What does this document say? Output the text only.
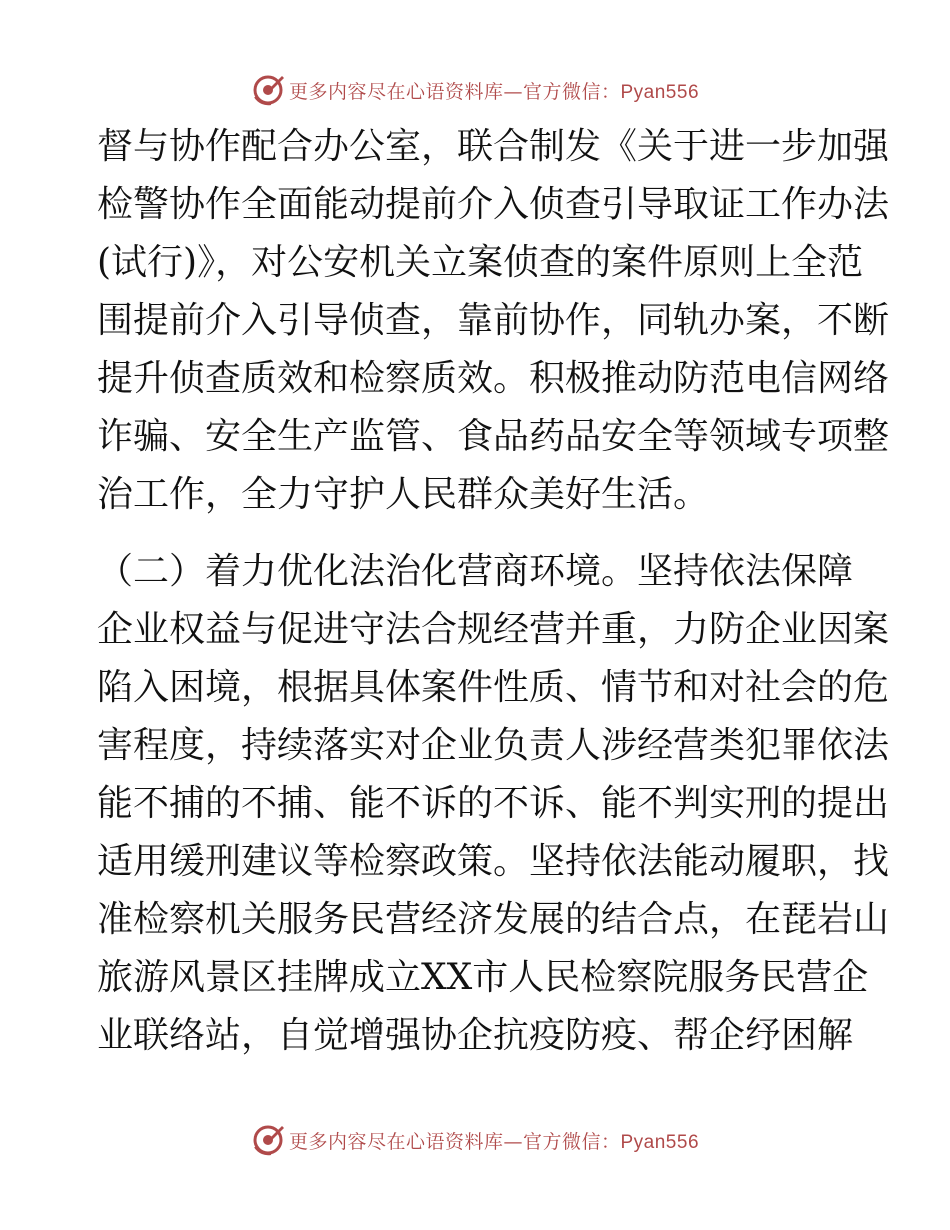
更多内容尽在心语资料库—官方微信：Pyan556
督与协作配合办公室，联合制发《关于进一步加强
检警协作全面能动提前介入侦查引导取证工作办法
(试行)》，对公安机关立案侦查的案件原则上全范
围提前介入引导侦查，靠前协作，同轨办案，不断
提升侦查质效和检察质效。积极推动防范电信网络
诈骗、安全生产监管、食品药品安全等领域专项整
治工作，全力守护人民群众美好生活。
（二）着力优化法治化营商环境。坚持依法保障
企业权益与促进守法合规经营并重，力防企业因案
陷入困境，根据具体案件性质、情节和对社会的危
害程度，持续落实对企业负责人涉经营类犯罪依法
能不捕的不捕、能不诉的不诉、能不判实刑的提出
适用缓刑建议等检察政策。坚持依法能动履职，找
准检察机关服务民营经济发展的结合点，在琵岩山
旅游风景区挂牌成立XX市人民检察院服务民营企
业联络站，自觉增强协企抗疫防疫、帮企纾困解
更多内容尽在心语资料库—官方微信：Pyan556
